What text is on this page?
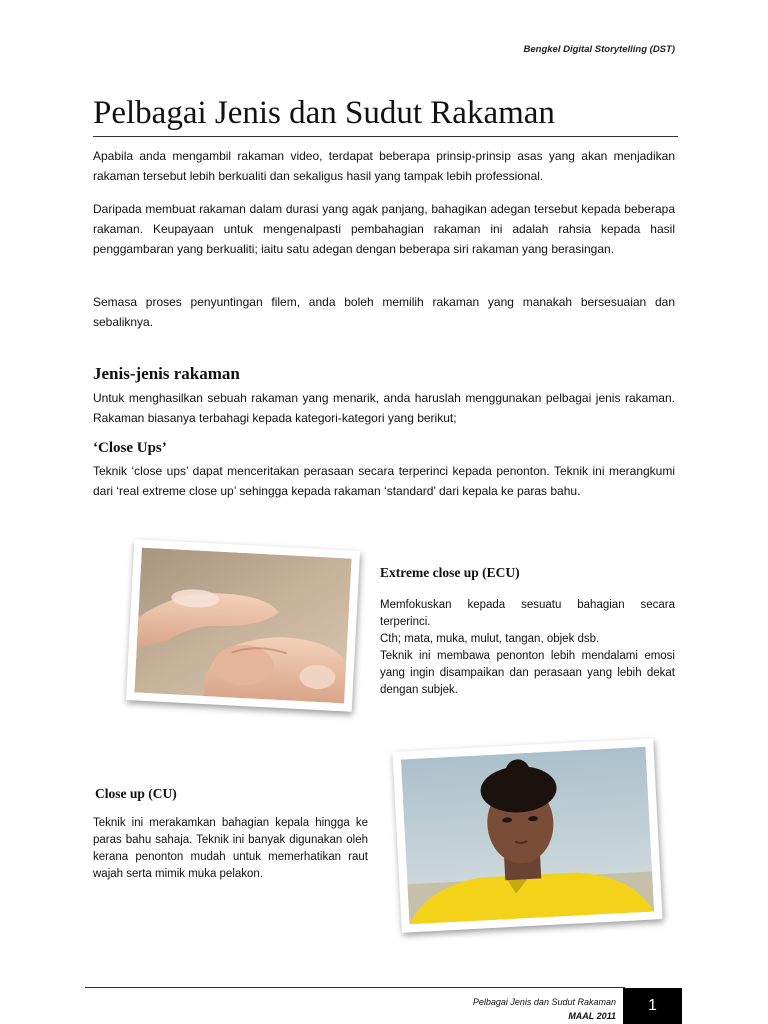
Bengkel Digital Storytelling (DST)
Pelbagai Jenis dan Sudut Rakaman

Apabila anda mengambil rakaman video, terdapat beberapa prinsip-prinsip asas yang akan menjadikan rakaman tersebut lebih berkualiti dan sekaligus hasil yang tampak lebih professional.

Daripada membuat rakaman dalam durasi yang agak panjang, bahagikan adegan tersebut kepada beberapa rakaman. Keupayaan untuk mengenalpasti pembahagian rakaman ini adalah rahsia kepada hasil penggambaran yang berkualiti; iaitu satu adegan dengan beberapa siri rakaman yang berasingan.

Semasa proses penyuntingan filem, anda boleh memilih rakaman yang manakah bersesuaian dan sebaliknya.

Jenis-jenis rakaman

Untuk menghasilkan sebuah rakaman yang menarik, anda haruslah menggunakan pelbagai jenis rakaman. Rakaman biasanya terbahagi kepada kategori-kategori yang berikut;

‘Close Ups’

Teknik ‘close ups’ dapat menceritakan perasaan secara terperinci kepada penonton. Teknik ini merangkumi dari ‘real extreme close up’ sehingga kepada rakaman ‘standard’ dari kepala ke paras bahu.

Extreme close up (ECU)

Memfokuskan kepada sesuatu bahagian secara terperinci.

Cth; mata, muka, mulut, tangan, objek dsb.

Teknik ini membawa penonton lebih mendalami emosi yang ingin disampaikan dan perasaan yang lebih dekat dengan subjek.

Close up (CU)

Teknik ini merakamkan bahagian kepala hingga ke paras bahu sahaja. Teknik ini banyak digunakan oleh kerana penonton mudah untuk memerhatikan raut wajah serta mimik muka pelakon.

Pelbagai Jenis dan Sudut Rakaman
MAAL 2011
1
